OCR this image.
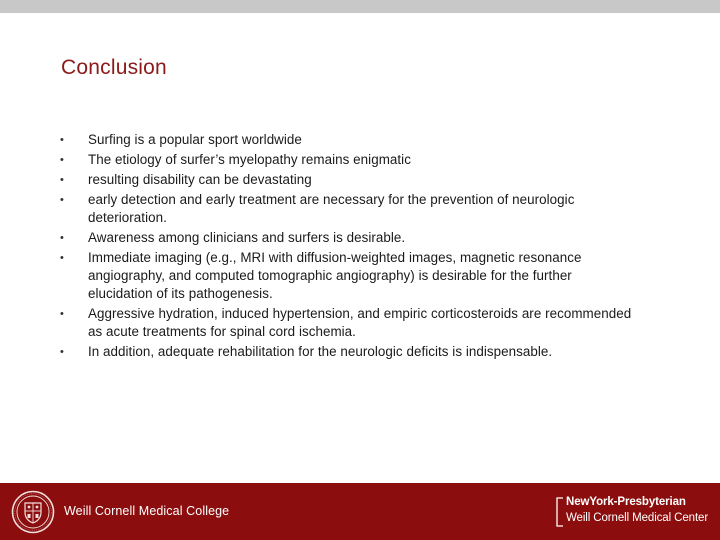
Conclusion
•	Surfing is a popular sport worldwide
•	The etiology of surfer’s myelopathy remains enigmatic
•	resulting disability can be devastating
•	early detection and early treatment are necessary for the prevention of neurologic deterioration.
•	Awareness among clinicians and surfers is desirable.
•	Immediate imaging (e.g., MRI with diffusion-weighted images, magnetic resonance angiography, and computed tomographic angiography) is desirable for the further elucidation of its pathogenesis.
•	Aggressive hydration, induced hypertension, and empiric corticosteroids are recommended as acute treatments for spinal cord ischemia.
•	In addition, adequate rehabilitation for the neurologic deficits is indispensable.
Weill Cornell Medical College
NewYork-Presbyterian
Weill Cornell Medical Center
